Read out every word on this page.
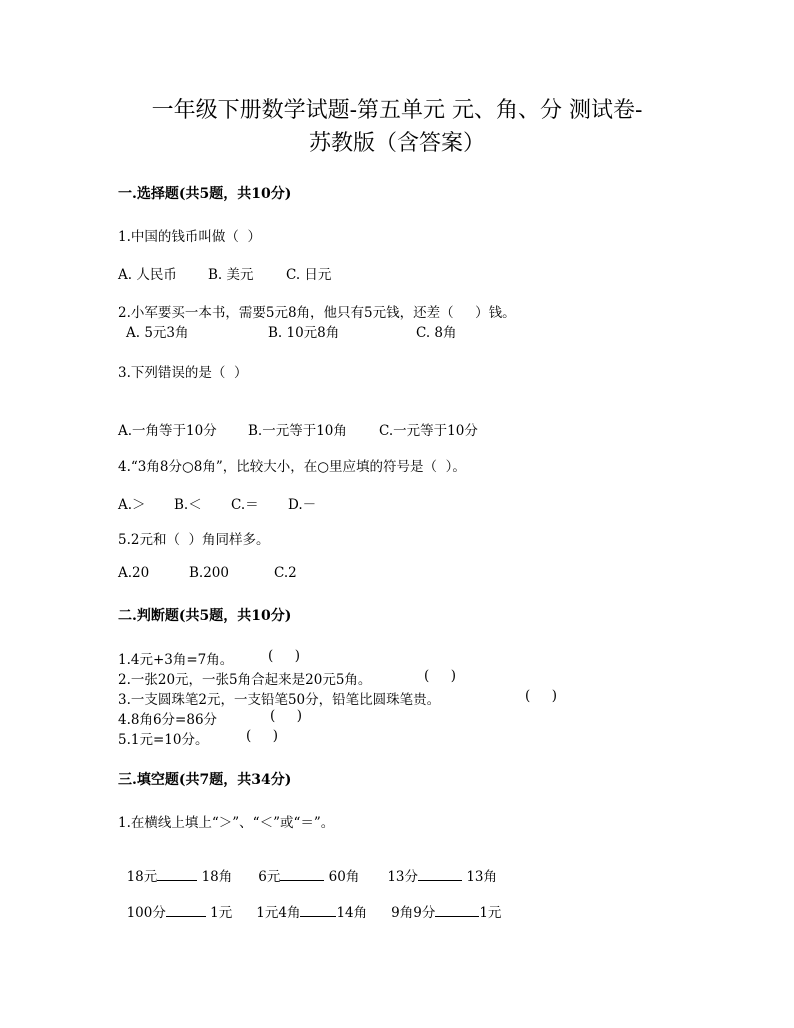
一年级下册数学试题-第五单元 元、角、分 测试卷-
苏教版（含答案）
一.选择题(共5题，共10分)
1.中国的钱币叫做（  ）
A. 人民币 B. 美元 C. 日元
2.小军要买一本书，需要5元8角，他只有5元钱，还差（     ）钱。
A. 5元3角	B. 10元8角	C. 8角
3.下列错误的是（  ）
A.一角等于10分 B.一元等于10角 C.一元等于10分
4.“3角8分○8角”，比较大小，在○里应填的符号是（  ）。
A.＞ B.＜ C.＝ D.－
5.2元和（  ）角同样多。
A.20	B.200	C.2
二.判断题(共5题，共10分)
1.4元+3角=7角。	(     )
2.一张20元，一张5角合起来是20元5角。	(     )
3.一支圆珠笔2元，一支铅笔50分，铅笔比圆珠笔贵。	(     )
4.8角6分=86分	(     )
5.1元=10分。	(     )
三.填空题(共7题，共34分)
1.在横线上填上“＞”、“＜”或“＝”。

18元	18角 6元	60角 13分	13角

100分	1元 1元4角	14角 9角9分	1元
